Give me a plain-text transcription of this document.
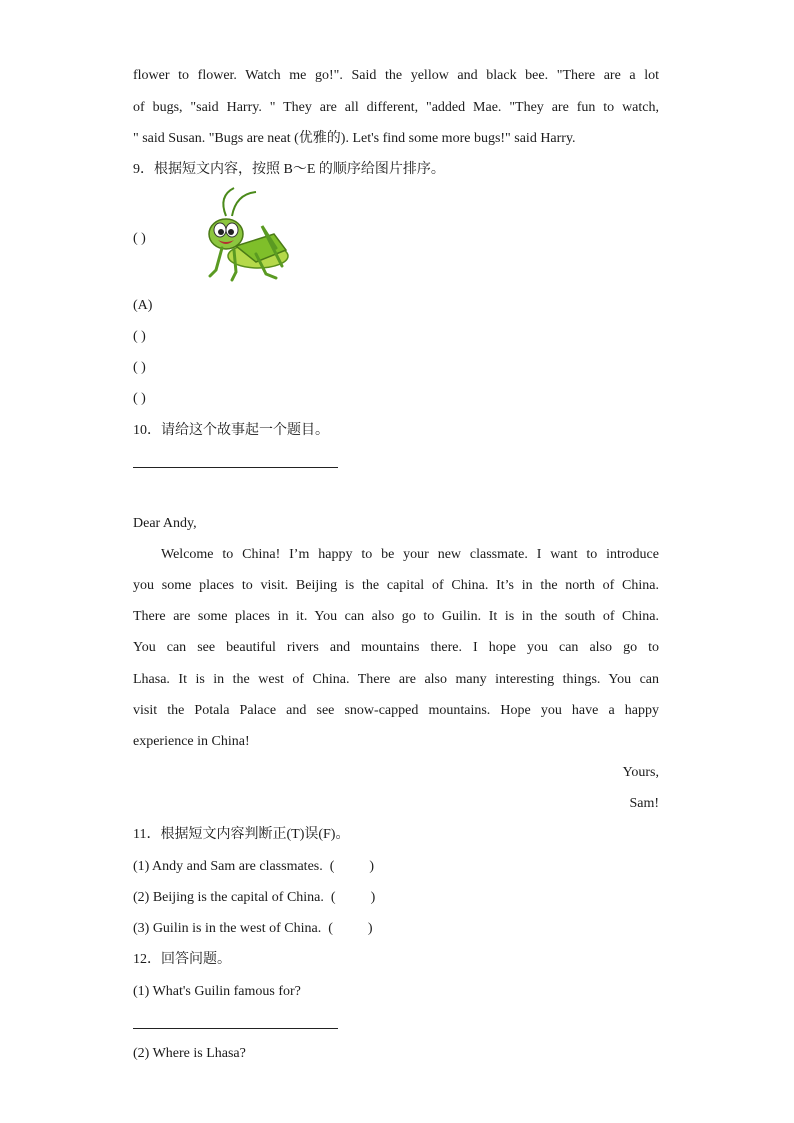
flower to flower. Watch me go!". Said the yellow and black bee. "There are a lot
of bugs, "said Harry. " They are all different, "added Mae. "They are fun to watch,
" said Susan. "Bugs are neat (优雅的). Let's find some more bugs!" said Harry.
9．根据短文内容，按照 B～E 的顺序给图片排序。
( )
(A)
( )
( )
( )
10．请给这个故事起一个题目。
Dear Andy,
Welcome to China! I’m happy to be your new classmate. I want to introduce
you some places to visit. Beijing is the capital of China. It’s in the north of China.
There are some places in it. You can also go to Guilin. It is in the south of China.
You can see beautiful rivers and mountains there. I hope you can also go to
Lhasa. It is in the west of China. There are also many interesting things. You can
visit the Potala Palace and see snow-capped mountains. Hope you have a happy
experience in China!
Yours,
Sam!
11．根据短文内容判断正(T)误(F)。
(1) Andy and Sam are classmates.  (          )
(2) Beijing is the capital of China.  (          )
(3) Guilin is in the west of China.  (          )
12．回答问题。
(1) What's Guilin famous for?
(2) Where is Lhasa?
